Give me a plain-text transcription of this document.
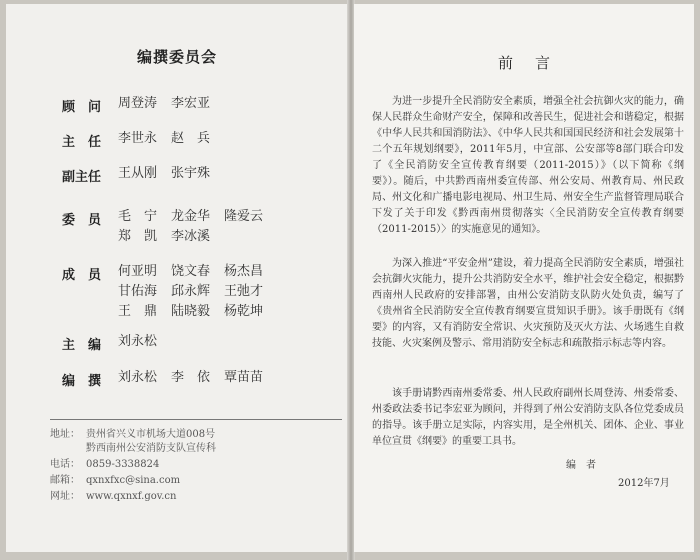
编撰委员会
顾　问 周登涛 李宏亚
主　任 李世永 赵　兵
副主任 王从刚 张宇殊
委　员 毛　宁 龙金华 隆爱云
郑　凯 李冰溪
成　员 何亚明 饶文春 杨杰昌
甘佑海 邱永辉 王弛才
王　鼎 陆晓毅 杨乾坤
主　编 刘永松
编　撰 刘永松 李　依 覃苗苗
地址： 贵州省兴义市机场大道008号
黔西南州公安消防支队宣传科
电话： 0859-3338824
邮箱： qxnxfxc@sina.com
网址： www.qxnxf.gov.cn
前言
为进一步提升全民消防安全素质，增强全社会抗御火灾的能力，确保人民群众生命财产安全，保障和改善民生，促进社会和谐稳定，根据《中华人民共和国消防法》、《中华人民共和国国民经济和社会发展第十二个五年规划纲要》，2011年5月，中宣部、公安部等8部门联合印发了《全民消防安全宣传教育纲要（2011-2015）》（以下简称《纲要》）。随后，中共黔西南州委宣传部、州公安局、州教育局、州民政局、州文化和广播电影电视局、州卫生局、州安全生产监督管理局联合下发了关于印发《黔西南州贯彻落实〈全民消防安全宣传教育纲要（2011-2015）〉的实施意见的通知》。
为深入推进“平安金州”建设，着力提高全民消防安全素质，增强社会抗御火灾能力，提升公共消防安全水平，维护社会安全稳定，根据黔西南州人民政府的安排部署，由州公安消防支队防火处负责，编写了《贵州省全民消防安全宣传教育纲要宣贯知识手册》。该手册既有《纲要》的内容，又有消防安全常识、火灾预防及灭火方法、火场逃生自救技能、火灾案例及警示、常用消防安全标志和疏散指示标志等内容。
该手册请黔西南州委常委、州人民政府副州长周登涛、州委常委、州委政法委书记李宏亚为顾问，并得到了州公安消防支队各位党委成员的指导。该手册立足实际，内容实用，是全州机关、团体、企业、事业单位宣贯《纲要》的重要工具书。
编　者
2012年7月
